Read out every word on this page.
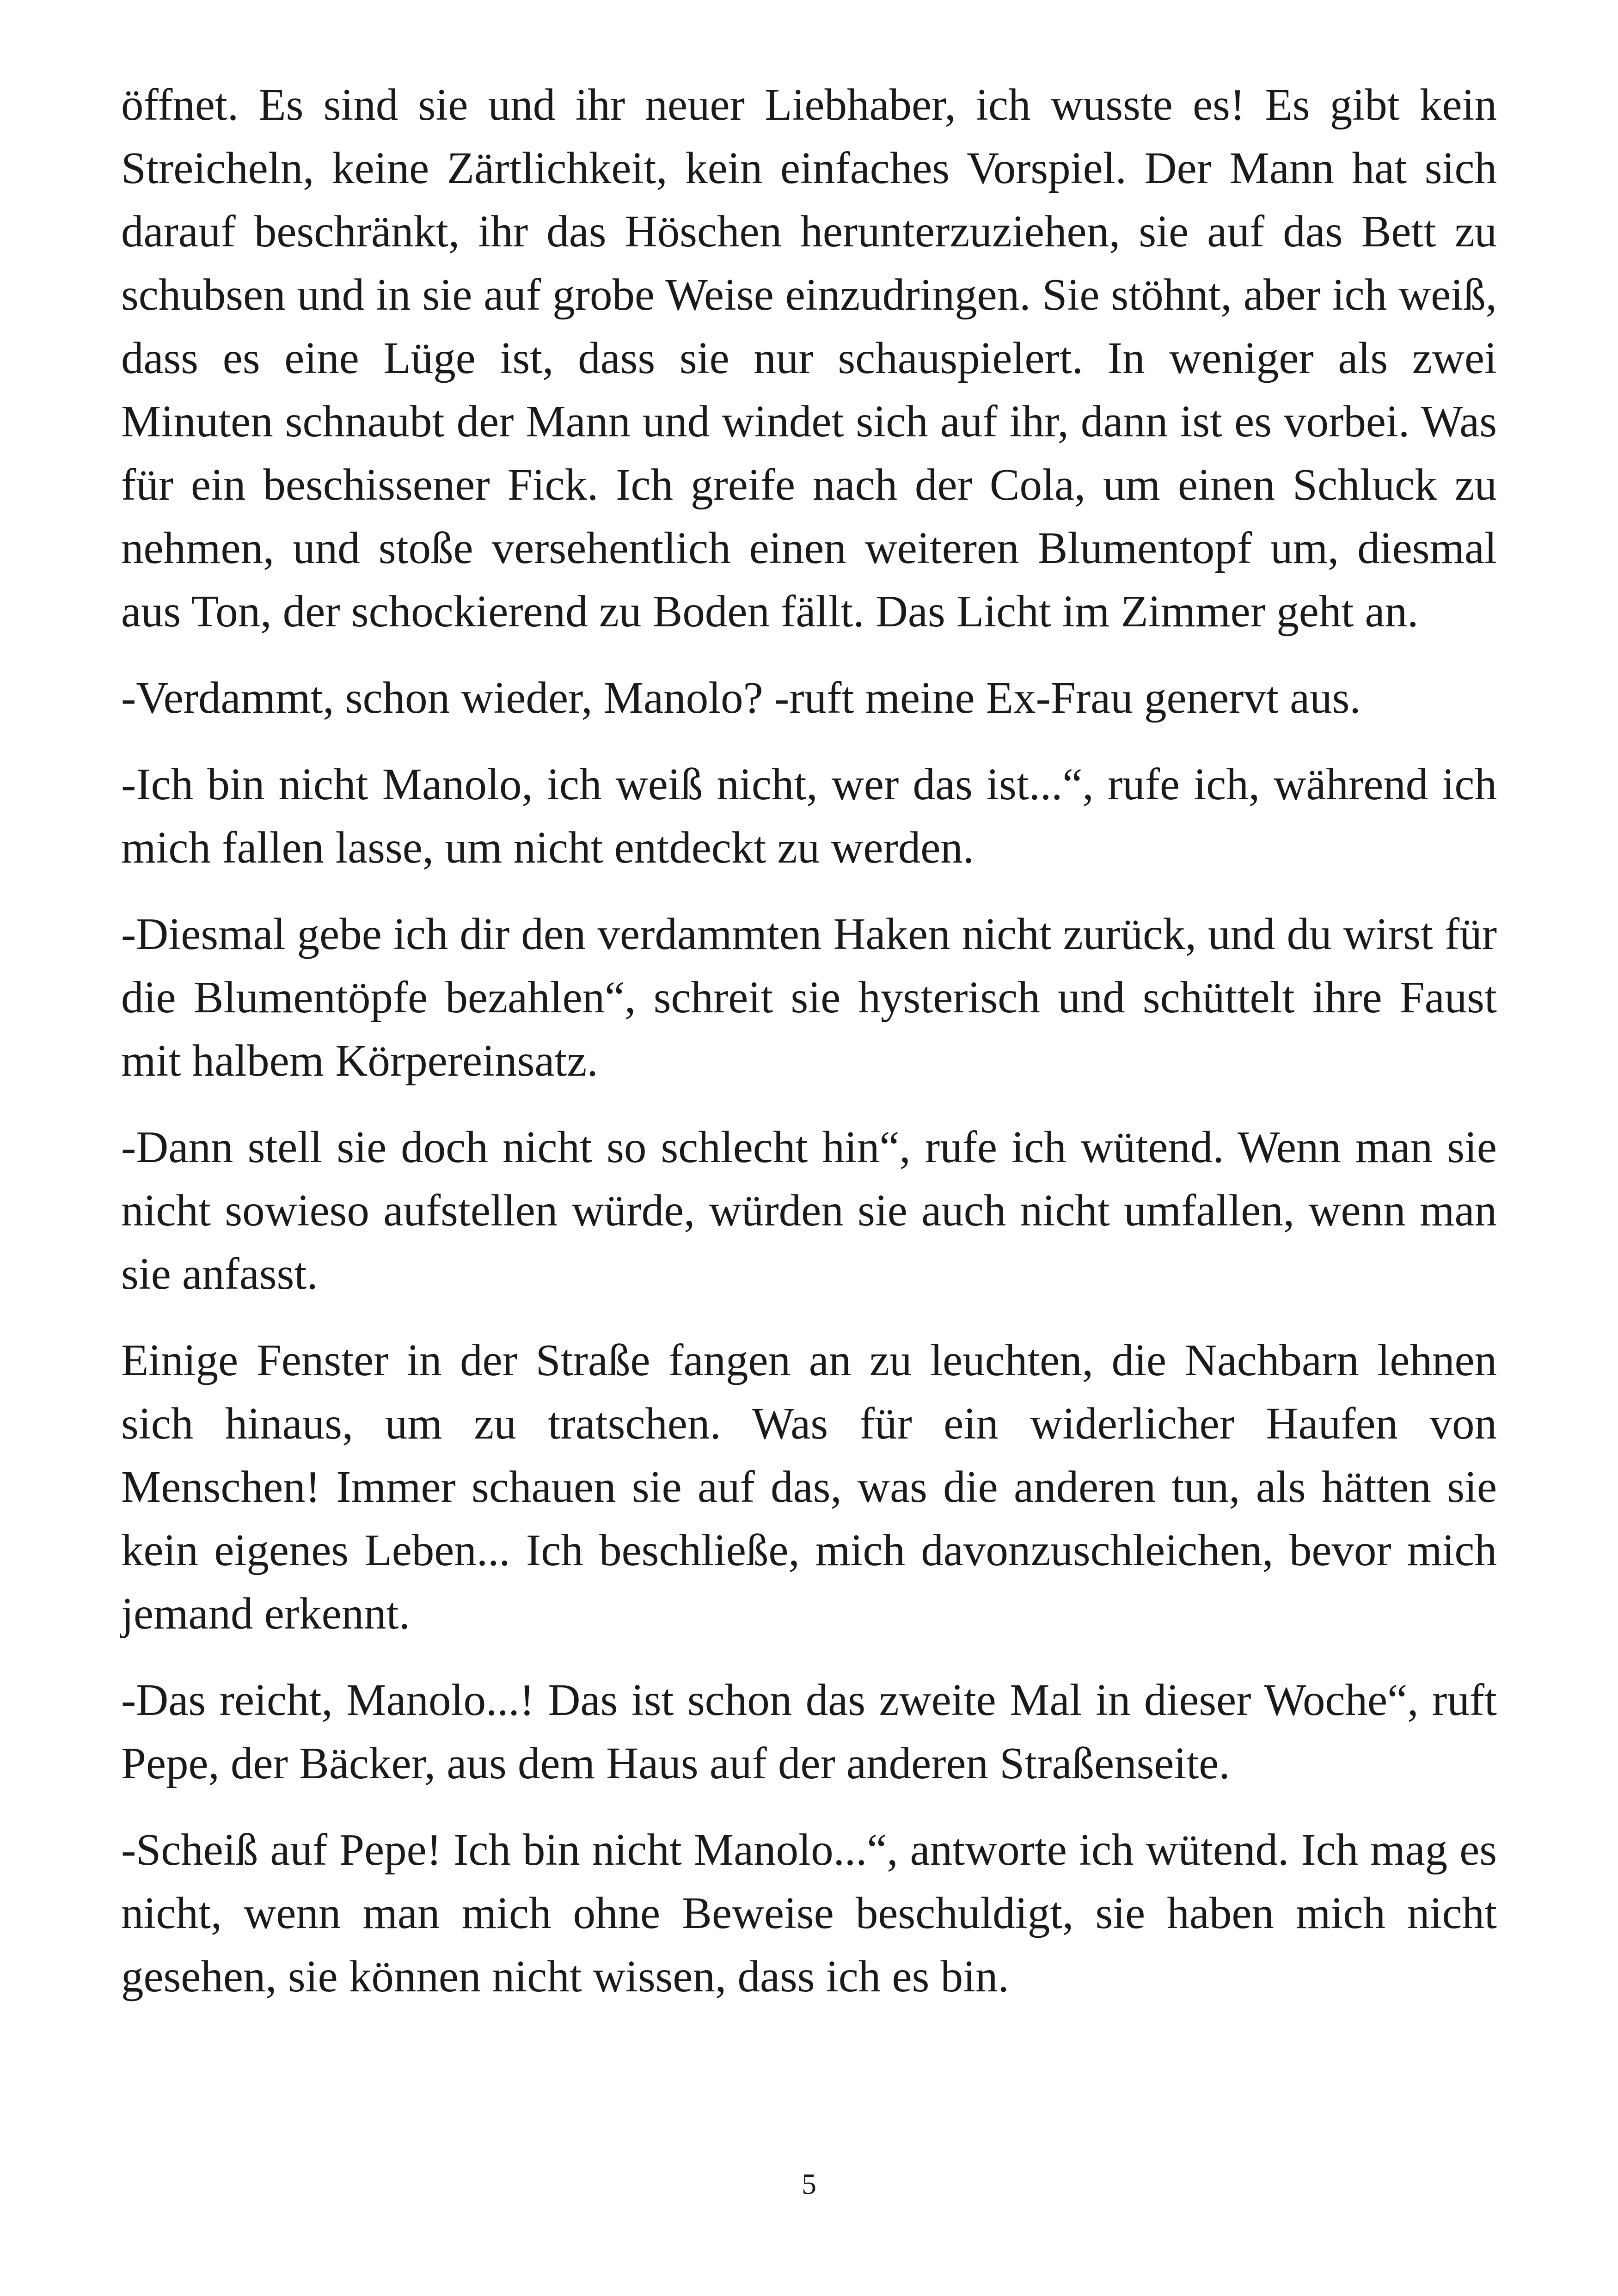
öffnet. Es sind sie und ihr neuer Liebhaber, ich wusste es! Es gibt kein Streicheln, keine Zärtlichkeit, kein einfaches Vorspiel. Der Mann hat sich darauf beschränkt, ihr das Höschen herunterzuziehen, sie auf das Bett zu schubsen und in sie auf grobe Weise einzudringen. Sie stöhnt, aber ich weiß, dass es eine Lüge ist, dass sie nur schauspielert. In weniger als zwei Minuten schnaubt der Mann und windet sich auf ihr, dann ist es vorbei. Was für ein beschissener Fick. Ich greife nach der Cola, um einen Schluck zu nehmen, und stoße versehentlich einen weiteren Blumentopf um, diesmal aus Ton, der schockierend zu Boden fällt. Das Licht im Zimmer geht an.

-Verdammt, schon wieder, Manolo? -ruft meine Ex-Frau genervt aus.

-Ich bin nicht Manolo, ich weiß nicht, wer das ist...“, rufe ich, während ich mich fallen lasse, um nicht entdeckt zu werden.

-Diesmal gebe ich dir den verdammten Haken nicht zurück, und du wirst für die Blumentöpfe bezahlen“, schreit sie hysterisch und schüttelt ihre Faust mit halbem Körpereinsatz.

-Dann stell sie doch nicht so schlecht hin“, rufe ich wütend. Wenn man sie nicht sowieso aufstellen würde, würden sie auch nicht umfallen, wenn man sie anfasst.

Einige Fenster in der Straße fangen an zu leuchten, die Nachbarn lehnen sich hinaus, um zu tratschen. Was für ein widerlicher Haufen von Menschen! Immer schauen sie auf das, was die anderen tun, als hätten sie kein eigenes Leben... Ich beschließe, mich davonzuschleichen, bevor mich jemand erkennt.

-Das reicht, Manolo...! Das ist schon das zweite Mal in dieser Woche“, ruft Pepe, der Bäcker, aus dem Haus auf der anderen Straßenseite.

-Scheiß auf Pepe! Ich bin nicht Manolo...“, antworte ich wütend. Ich mag es nicht, wenn man mich ohne Beweise beschuldigt, sie haben mich nicht gesehen, sie können nicht wissen, dass ich es bin.

5
